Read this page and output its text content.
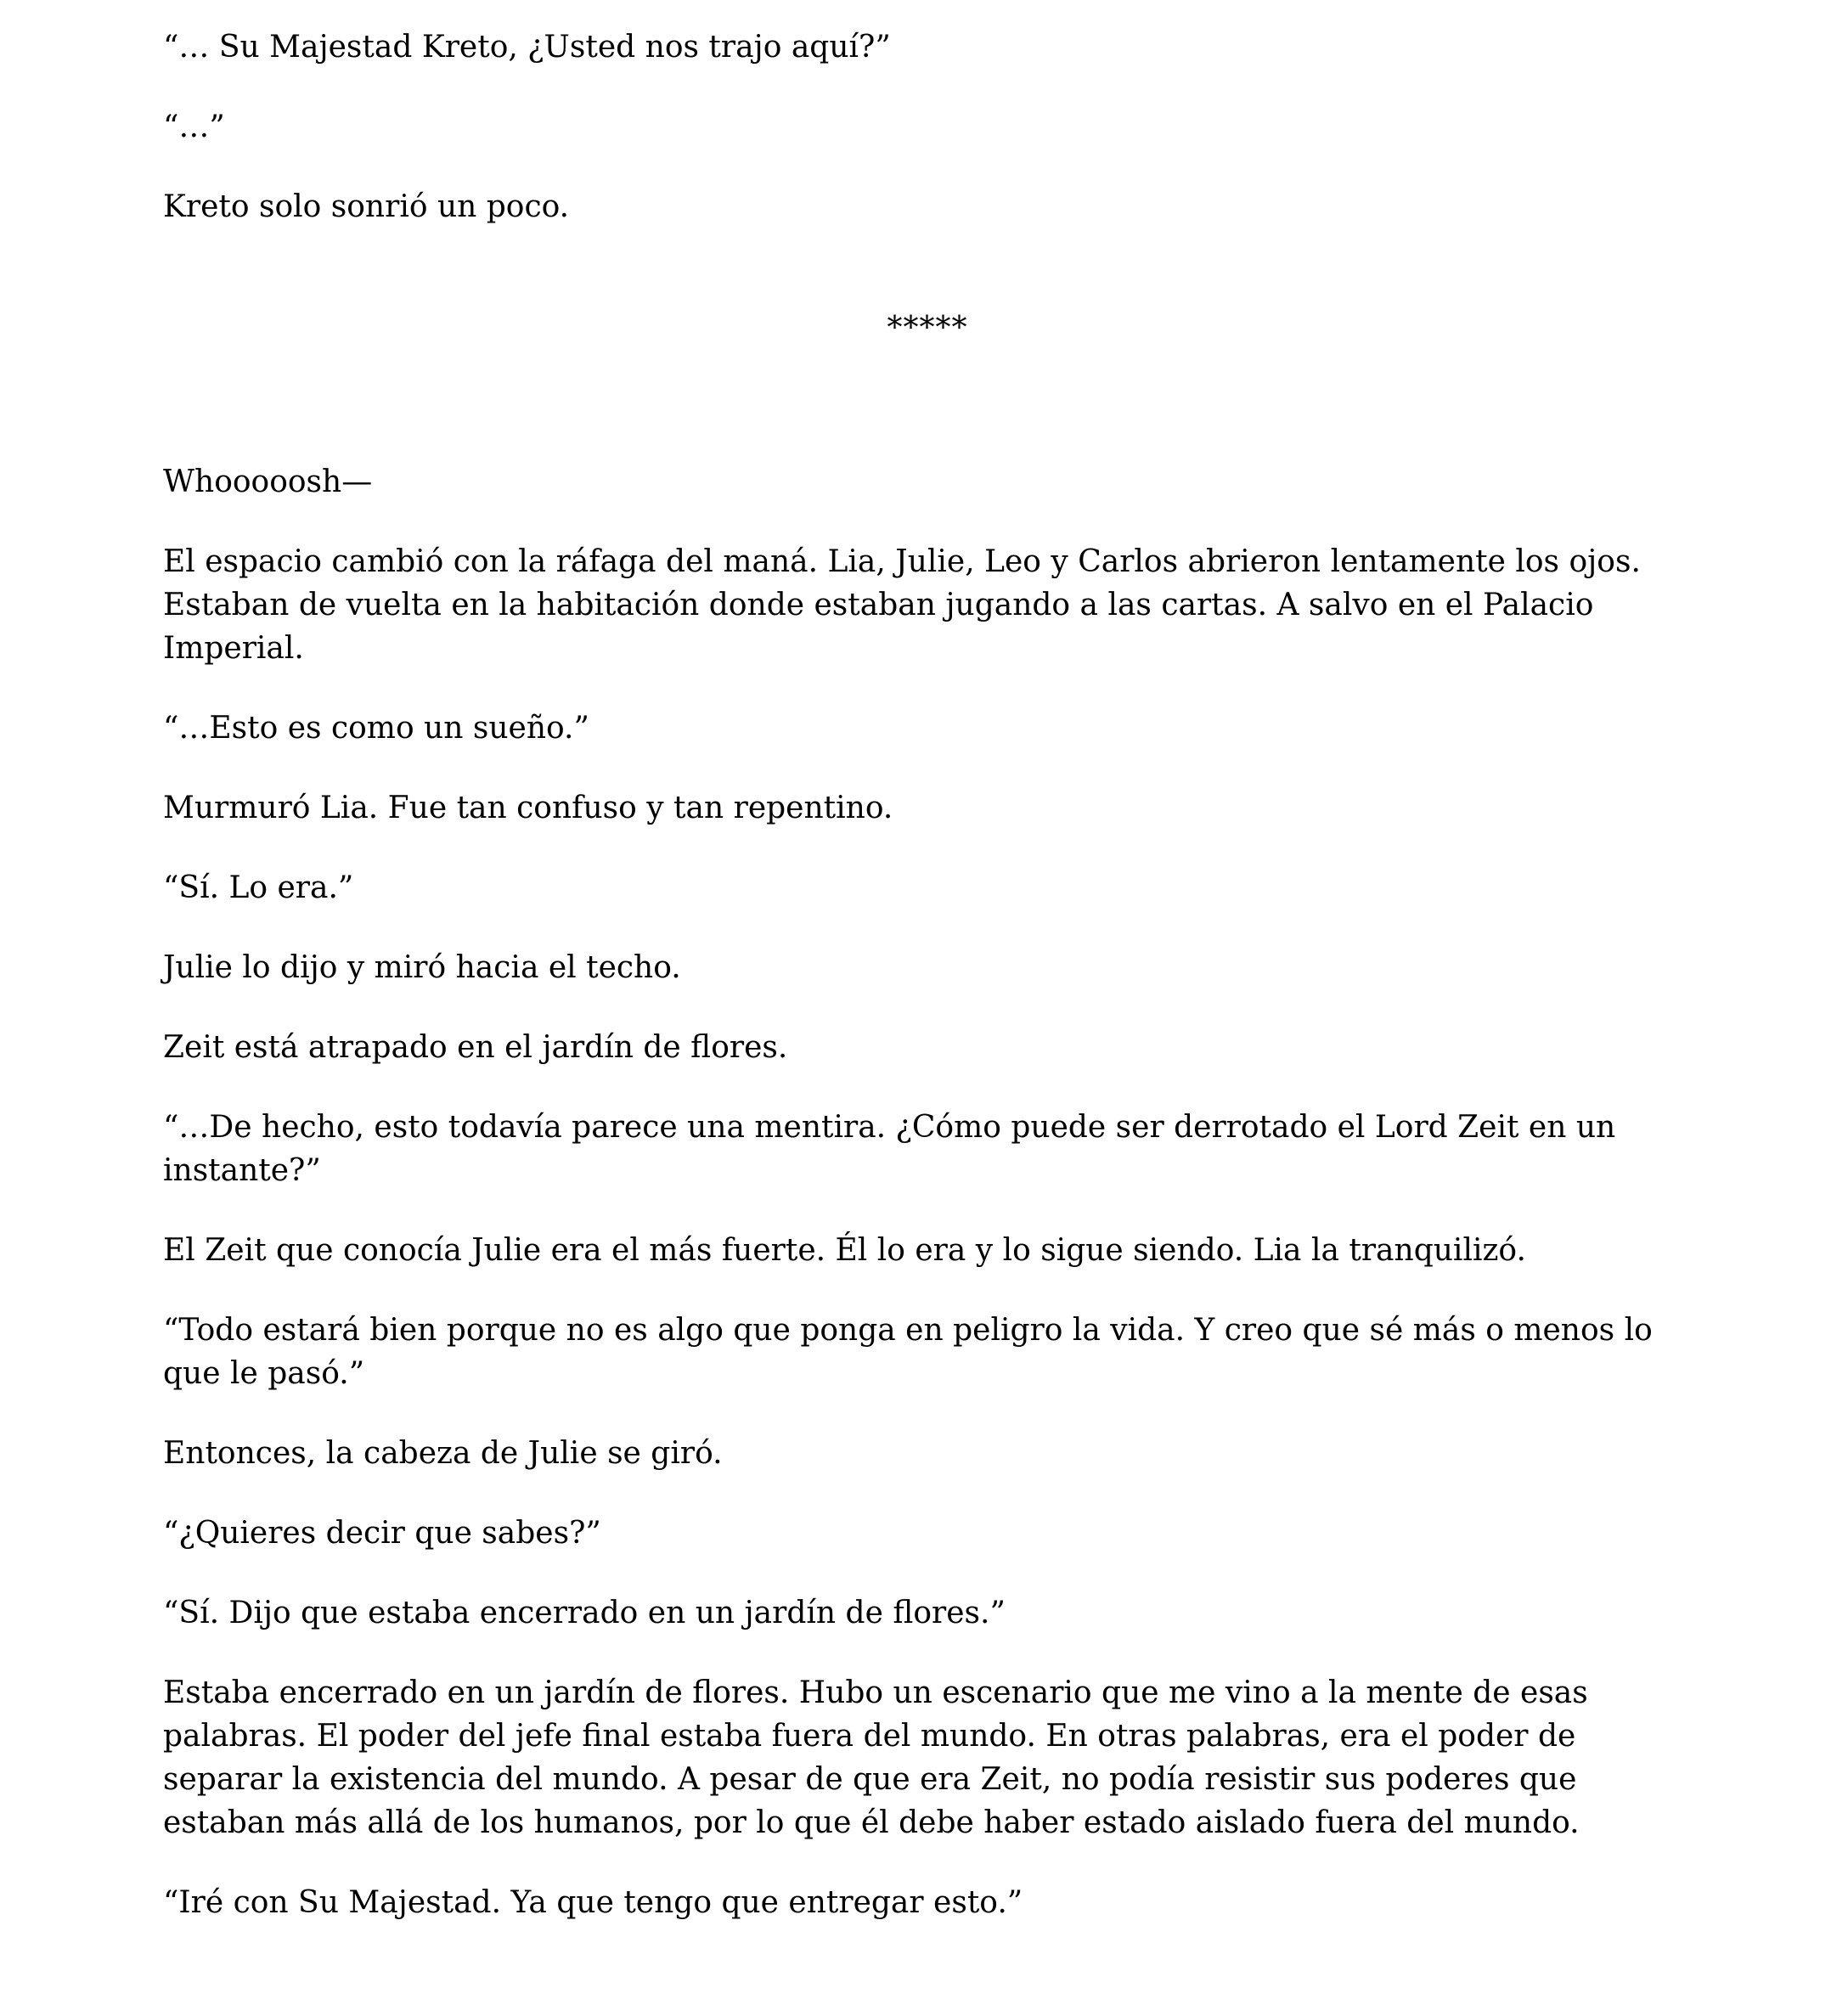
“… Su Majestad Kreto, ¿Usted nos trajo aquí?”

“…”

Kreto solo sonrió un poco.

*****

Whooooosh—

El espacio cambió con la ráfaga del maná. Lia, Julie, Leo y Carlos abrieron lentamente los ojos. Estaban de vuelta en la habitación donde estaban jugando a las cartas. A salvo en el Palacio Imperial.

“…Esto es como un sueño.”

Murmuró Lia. Fue tan confuso y tan repentino.

“Sí. Lo era.”

Julie lo dijo y miró hacia el techo.

Zeit está atrapado en el jardín de flores.

“…De hecho, esto todavía parece una mentira. ¿Cómo puede ser derrotado el Lord Zeit en un instante?”

El Zeit que conocía Julie era el más fuerte. Él lo era y lo sigue siendo. Lia la tranquilizó.

“Todo estará bien porque no es algo que ponga en peligro la vida. Y creo que sé más o menos lo que le pasó.”

Entonces, la cabeza de Julie se giró.

“¿Quieres decir que sabes?”

“Sí. Dijo que estaba encerrado en un jardín de flores.”

Estaba encerrado en un jardín de flores. Hubo un escenario que me vino a la mente de esas palabras. El poder del jefe final estaba fuera del mundo. En otras palabras, era el poder de separar la existencia del mundo. A pesar de que era Zeit, no podía resistir sus poderes que estaban más allá de los humanos, por lo que él debe haber estado aislado fuera del mundo.

“Iré con Su Majestad. Ya que tengo que entregar esto.”
